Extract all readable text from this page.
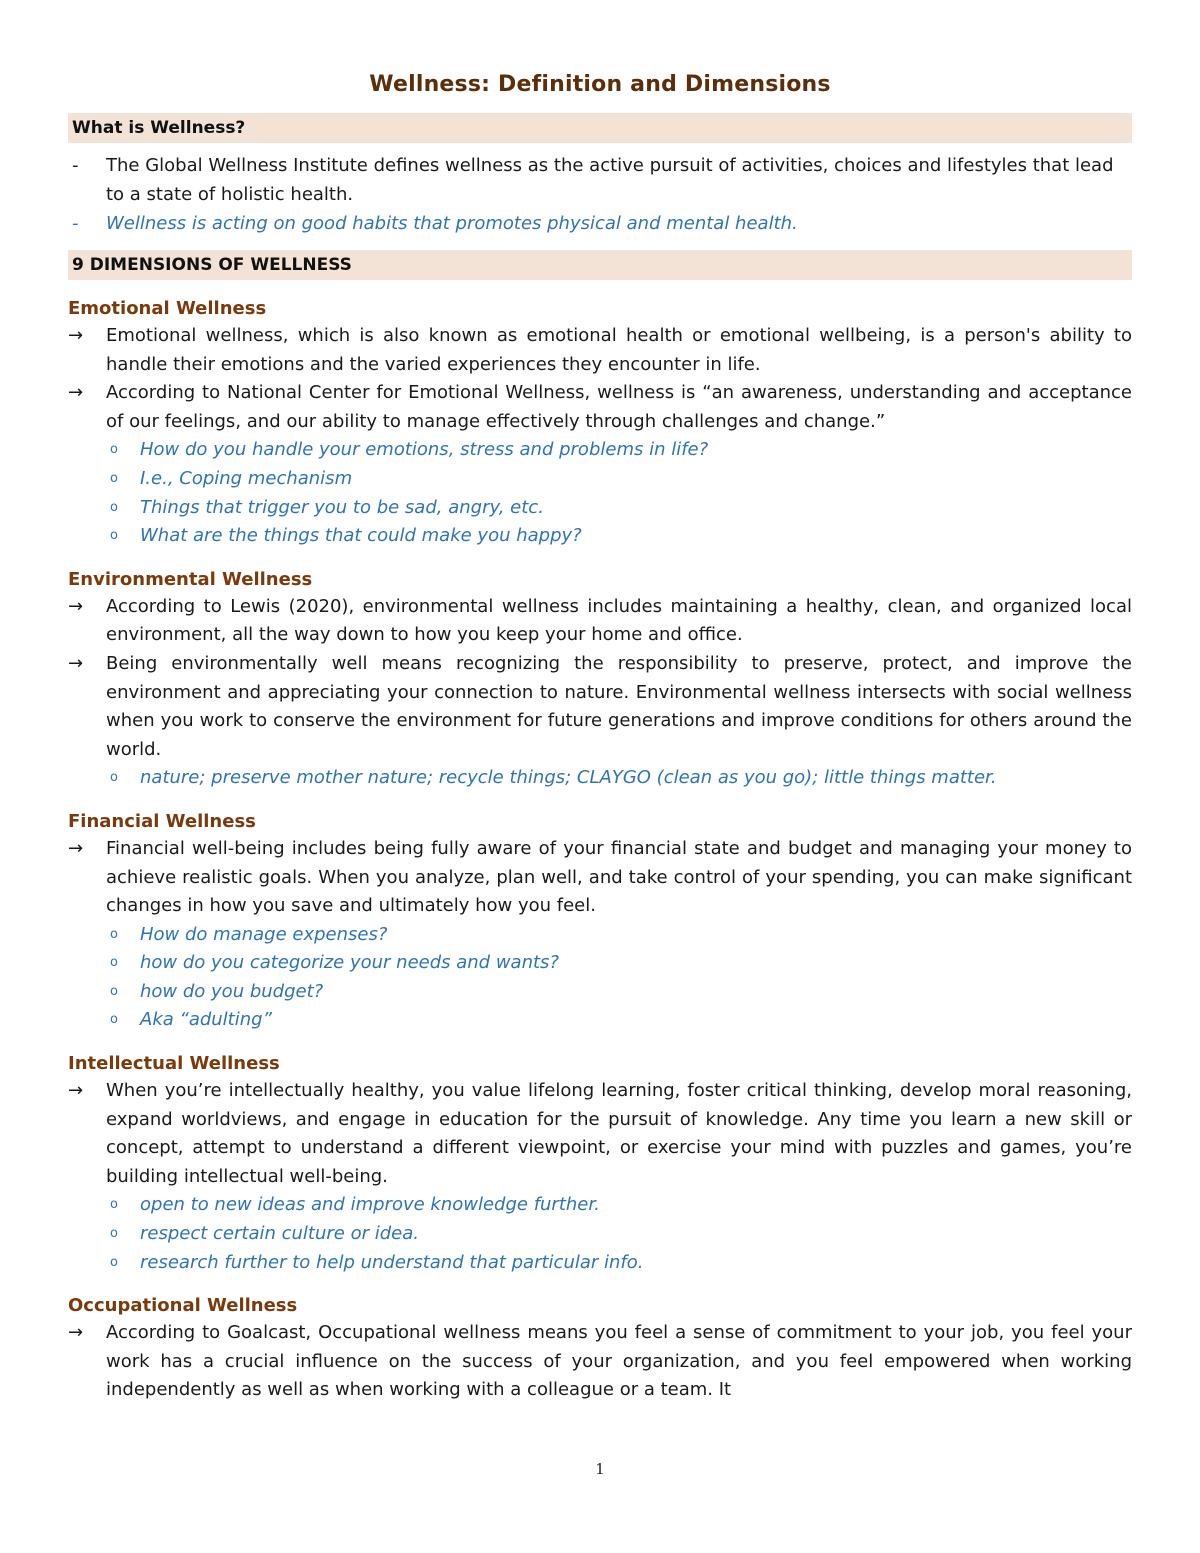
Wellness: Definition and Dimensions
What is Wellness?
- The Global Wellness Institute defines wellness as the active pursuit of activities, choices and lifestyles that lead to a state of holistic health.
- Wellness is acting on good habits that promotes physical and mental health.
9 DIMENSIONS OF WELLNESS
Emotional Wellness
→ Emotional wellness, which is also known as emotional health or emotional wellbeing, is a person's ability to handle their emotions and the varied experiences they encounter in life.
→ According to National Center for Emotional Wellness, wellness is “an awareness, understanding and acceptance of our feelings, and our ability to manage effectively through challenges and change.”
o How do you handle your emotions, stress and problems in life?
o I.e., Coping mechanism
o Things that trigger you to be sad, angry, etc.
o What are the things that could make you happy?
Environmental Wellness
→ According to Lewis (2020), environmental wellness includes maintaining a healthy, clean, and organized local environment, all the way down to how you keep your home and office.
→ Being environmentally well means recognizing the responsibility to preserve, protect, and improve the environment and appreciating your connection to nature. Environmental wellness intersects with social wellness when you work to conserve the environment for future generations and improve conditions for others around the world.
o nature; preserve mother nature; recycle things; CLAYGO (clean as you go); little things matter.
Financial Wellness
→ Financial well-being includes being fully aware of your financial state and budget and managing your money to achieve realistic goals. When you analyze, plan well, and take control of your spending, you can make significant changes in how you save and ultimately how you feel.
o How do manage expenses?
o how do you categorize your needs and wants?
o how do you budget?
o Aka “adulting”
Intellectual Wellness
→ When you’re intellectually healthy, you value lifelong learning, foster critical thinking, develop moral reasoning, expand worldviews, and engage in education for the pursuit of knowledge. Any time you learn a new skill or concept, attempt to understand a different viewpoint, or exercise your mind with puzzles and games, you’re building intellectual well-being.
o open to new ideas and improve knowledge further.
o respect certain culture or idea.
o research further to help understand that particular info.
Occupational Wellness
→ According to Goalcast, Occupational wellness means you feel a sense of commitment to your job, you feel your work has a crucial influence on the success of your organization, and you feel empowered when working independently as well as when working with a colleague or a team. It
1
